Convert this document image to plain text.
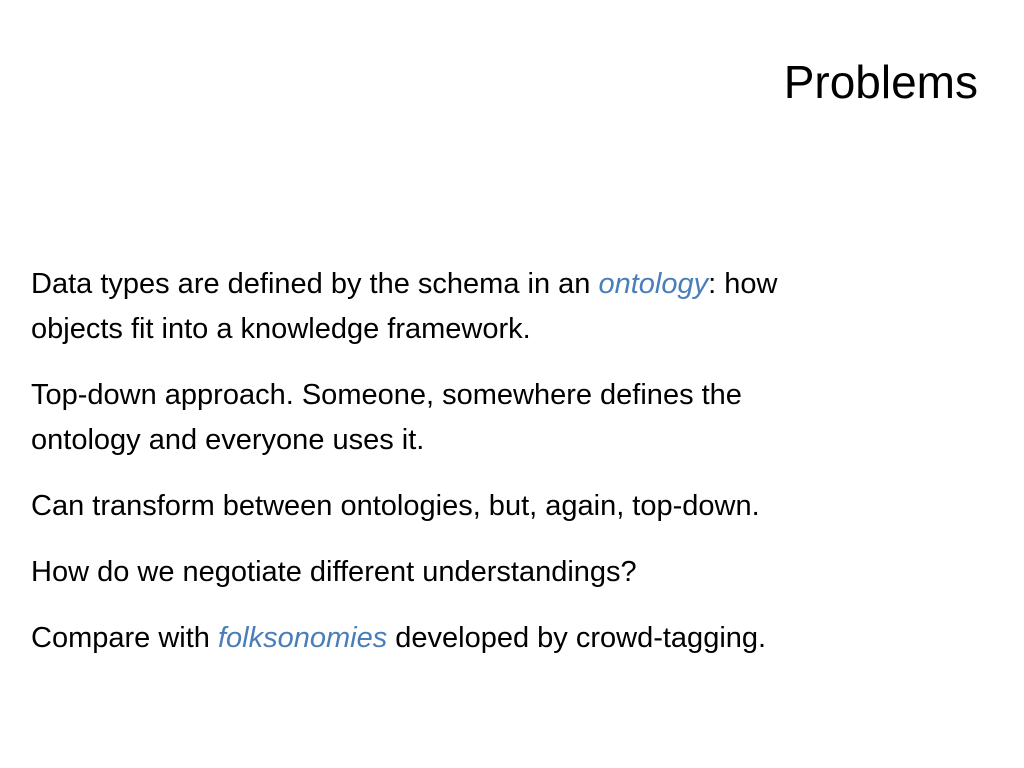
Problems

Data types are defined by the schema in an ontology: how
objects fit into a knowledge framework.

Top-down approach. Someone, somewhere defines the
ontology and everyone uses it.

Can transform between ontologies, but, again, top-down.

How do we negotiate different understandings?

Compare with folksonomies developed by crowd-tagging.
